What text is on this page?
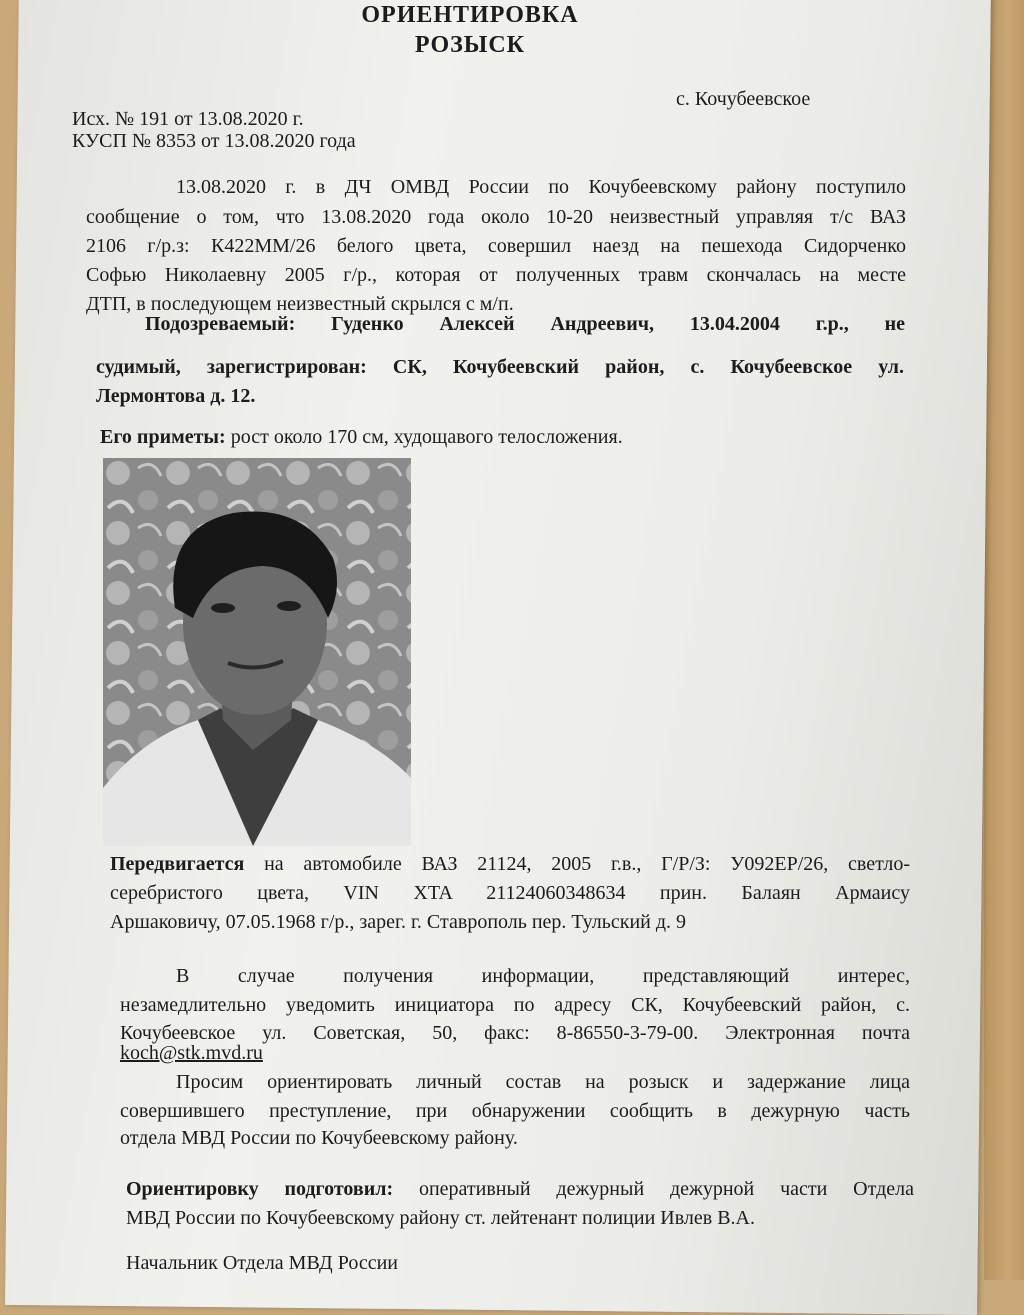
ОРИЕНТИРОВКА
РОЗЫСК
Исх. № 191 от 13.08.2020 г.
с. Кочубеевское
КУСП № 8353 от 13.08.2020 года
13.08.2020 г. в ДЧ ОМВД России по Кочубеевскому району поступило
сообщение о том, что 13.08.2020 года около 10-20 неизвестный управляя т/с ВАЗ
2106 г/р.з: К422ММ/26 белого цвета, совершил наезд на пешехода Сидорченко
Софью Николаевну 2005 г/р., которая от полученных травм скончалась на месте
ДТП, в последующем неизвестный скрылся с м/п.
Подозреваемый: Гуденко Алексей Андреевич, 13.04.2004 г.р., не
судимый, зарегистрирован: СК, Кочубеевский район, с. Кочубеевское ул.
Лермонтова д. 12.
Его приметы: рост около 170 см, худощавого телосложения.
Передвигается на автомобиле ВАЗ 21124, 2005 г.в., Г/Р/З: У092ЕР/26, светло-
серебристого цвета, VIN XTA 21124060348634 прин. Балаян Армаису
Аршаковичу, 07.05.1968 г/р., зарег. г. Ставрополь пер. Тульский д. 9
В случае получения информации, представляющий интерес,
незамедлительно уведомить инициатора по адресу СК, Кочубеевский район, с.
Кочубеевское ул. Советская, 50, факс: 8-86550-3-79-00. Электронная почта
koch@stk.mvd.ru
Просим ориентировать личный состав на розыск и задержание лица
совершившего преступление, при обнаружении сообщить в дежурную часть
отдела МВД России по Кочубеевскому району.
Ориентировку подготовил: оперативный дежурный дежурной части Отдела
МВД России по Кочубеевскому району ст. лейтенант полиции Ивлев В.А.
Начальник Отдела МВД России
